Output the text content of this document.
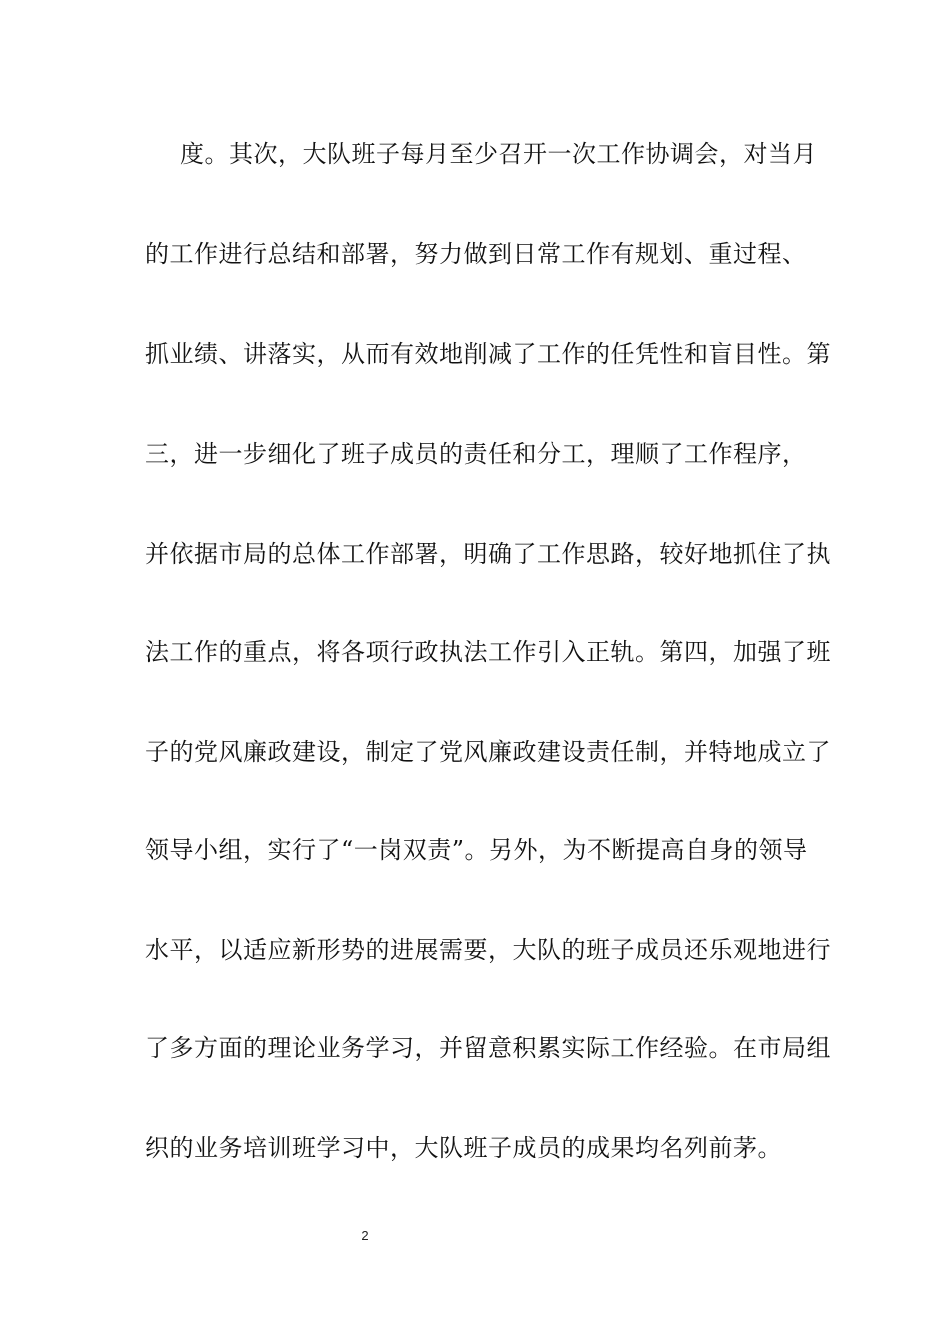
度。其次，大队班子每月至少召开一次工作协调会，对当月
的工作进行总结和部署，努力做到日常工作有规划、重过程、
抓业绩、讲落实，从而有效地削减了工作的任凭性和盲目性。第
三，进一步细化了班子成员的责任和分工，理顺了工作程序，
并依据市局的总体工作部署，明确了工作思路，较好地抓住了执
法工作的重点，将各项行政执法工作引入正轨。第四，加强了班
子的党风廉政建设，制定了党风廉政建设责任制，并特地成立了
领导小组，实行了“一岗双责”。另外，为不断提高自身的领导
水平，以适应新形势的进展需要，大队的班子成员还乐观地进行
了多方面的理论业务学习，并留意积累实际工作经验。在市局组
织的业务培训班学习中，大队班子成员的成果均名列前茅。
2
